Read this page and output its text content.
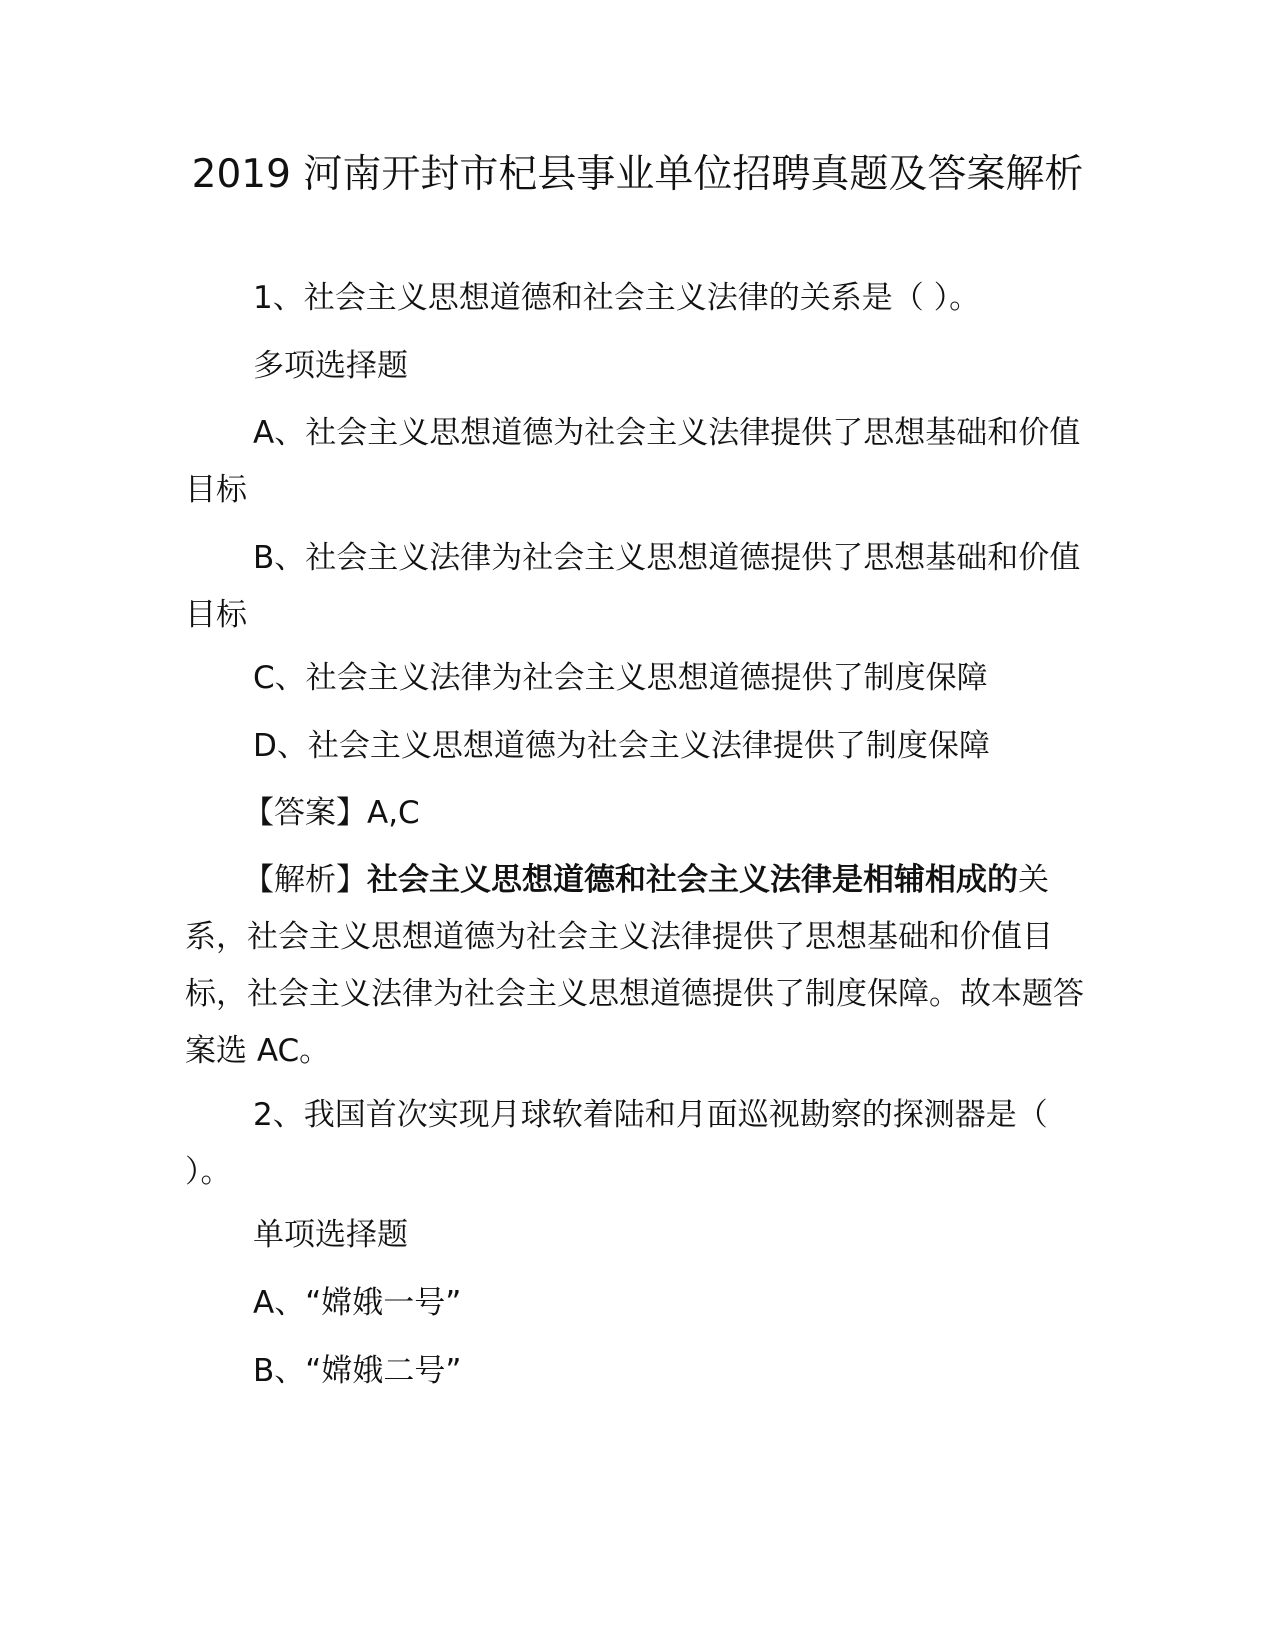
2019 河南开封市杞县事业单位招聘真题及答案解析

1、社会主义思想道德和社会主义法律的关系是（ ）。

多项选择题

A、社会主义思想道德为社会主义法律提供了思想基础和价值目标

B、社会主义法律为社会主义思想道德提供了思想基础和价值目标

C、社会主义法律为社会主义思想道德提供了制度保障

D、社会主义思想道德为社会主义法律提供了制度保障

【答案】A,C

【解析】社会主义思想道德和社会主义法律是相辅相成的关系，社会主义思想道德为社会主义法律提供了思想基础和价值目标，社会主义法律为社会主义思想道德提供了制度保障。故本题答案选 AC。

2、我国首次实现月球软着陆和月面巡视勘察的探测器是（ ）。

单项选择题

A、“嫦娥一号”

B、“嫦娥二号”
